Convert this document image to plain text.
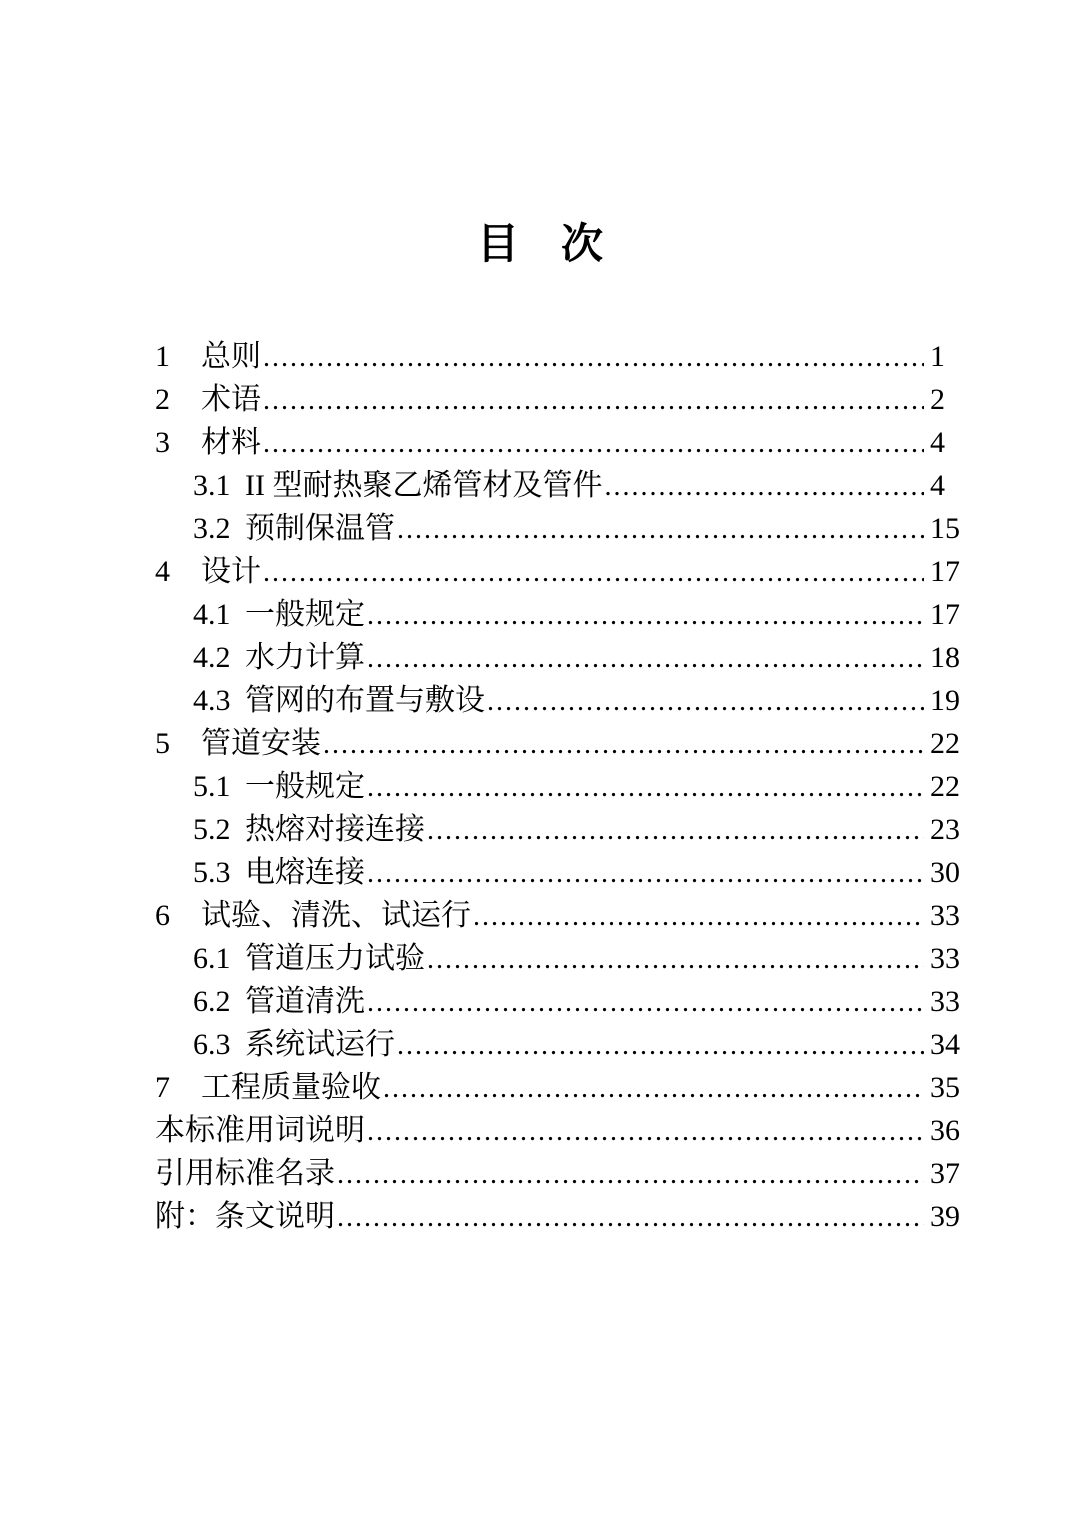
目　次
1	总则 .....	1
2	术语 .....	2
3	材料 .....	4
3.1 II 型耐热聚乙烯管材及管件 .....	4
3.2 预制保温管 .....	15
4	设计 .....	17
4.1 一般规定 .....	17
4.2 水力计算 .....	18
4.3 管网的布置与敷设 .....	19
5	管道安装 .....	22
5.1 一般规定 .....	22
5.2 热熔对接连接 .....	23
5.3 电熔连接 .....	30
6	试验、清洗、试运行 .....	33
6.1 管道压力试验 .....	33
6.2 管道清洗 .....	33
6.3 系统试运行 .....	34
7	工程质量验收 .....	35
本标准用词说明 .....	36
引用标准名录 .....	37
附：条文说明 .....	39
